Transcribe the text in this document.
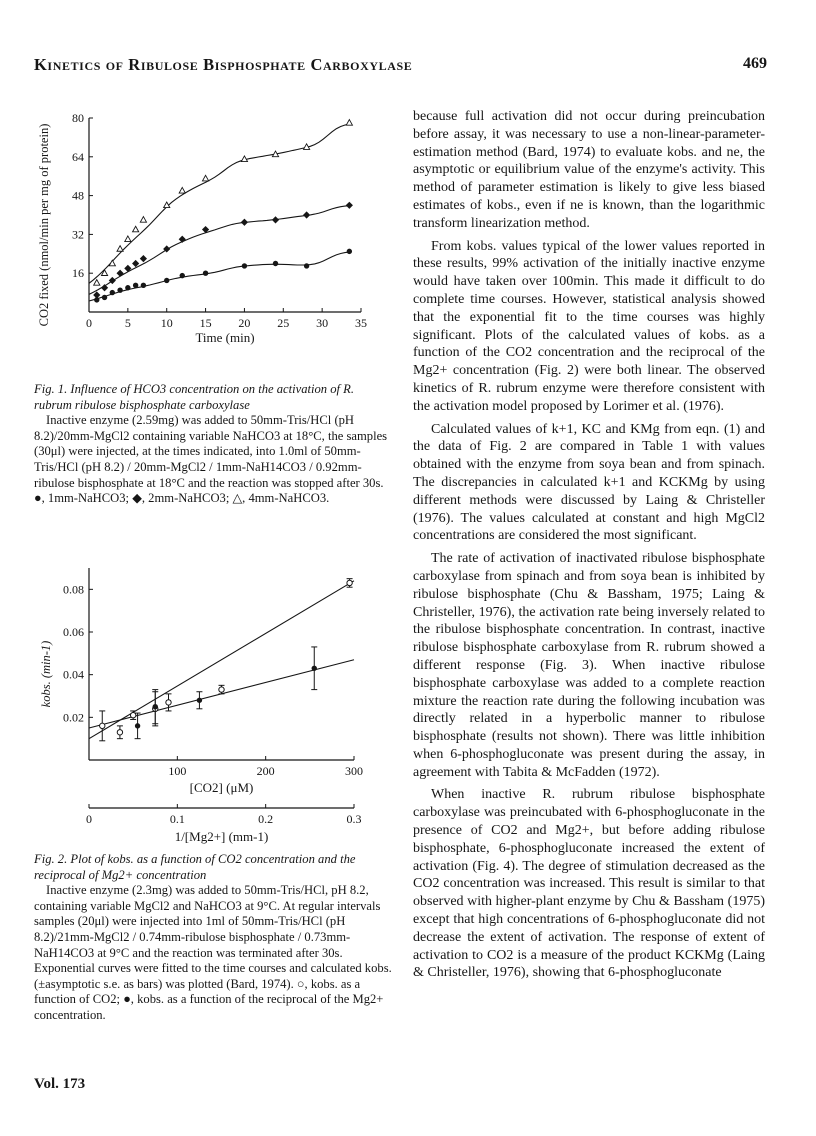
Kinetics of Ribulose Bisphosphate Carboxylase	469
0	5 10 15 20 25 30 35
16
32
48
64
80
Time (min)
CO2 fixed (nmol/min per mg of protein)
Fig. 1. Influence of HCO3 concentration on the activation of R. rubrum ribulose bisphosphate carboxylase
Inactive enzyme (2.59mg) was added to 50mm-Tris/HCl (pH 8.2)/20mm-MgCl2 containing variable NaHCO3 at 18°C, the samples (30μl) were injected, at the times indicated, into 1.0ml of 50mm-Tris/HCl (pH 8.2) / 20mm-MgCl2 / 1mm-NaH14CO3 / 0.92mm-ribulose bisphosphate at 18°C and the reaction was stopped after 30s. ●, 1mm-NaHCO3; ◆, 2mm-NaHCO3; △, 4mm-NaHCO3.
0.02
0.04
0.06
0.08
100	200	300
[CO2] (μM)
0	0.1	0.2	0.3
1/[Mg2+] (mm-1)
kobs. (min-1)
Fig. 2. Plot of kobs. as a function of CO2 concentration and the reciprocal of Mg2+ concentration
Inactive enzyme (2.3mg) was added to 50mm-Tris/HCl, pH 8.2, containing variable MgCl2 and NaHCO3 at 9°C. At regular intervals samples (20μl) were injected into 1ml of 50mm-Tris/HCl (pH 8.2)/21mm-MgCl2 / 0.74mm-ribulose bisphosphate / 0.73mm-NaH14CO3 at 9°C and the reaction was terminated after 30s. Exponential curves were fitted to the time courses and calculated kobs. (±asymptotic s.e. as bars) was plotted (Bard, 1974). ○, kobs. as a function of CO2; ●, kobs. as a function of the reciprocal of the Mg2+ concentration.

because full activation did not occur during preincubation before assay, it was necessary to use a non-linear-parameter-estimation method (Bard, 1974) to evaluate kobs. and ne, the asymptotic or equilibrium value of the enzyme's activity. This method of parameter estimation is likely to give less biased estimates of kobs., even if ne is known, than the logarithmic transform linearization method.

From kobs. values typical of the lower values reported in these results, 99% activation of the initially inactive enzyme would have taken over 100min. This made it difficult to do complete time courses. However, statistical analysis showed that the exponential fit to the time courses was highly significant. Plots of the calculated values of kobs. as a function of the CO2 concentration and the reciprocal of the Mg2+ concentration (Fig. 2) were both linear. The observed kinetics of R. rubrum enzyme were therefore consistent with the activation model proposed by Lorimer et al. (1976).

Calculated values of k+1, KC and KMg from eqn. (1) and the data of Fig. 2 are compared in Table 1 with values obtained with the enzyme from soya bean and from spinach. The discrepancies in calculated k+1 and KCKMg by using different methods were discussed by Laing & Christeller (1976). The values calculated at constant and high MgCl2 concentrations are considered the most significant.

The rate of activation of inactivated ribulose bisphosphate carboxylase from spinach and from soya bean is inhibited by ribulose bisphosphate (Chu & Bassham, 1975; Laing & Christeller, 1976), the activation rate being inversely related to the ribulose bisphosphate concentration. In contrast, inactive ribulose bisphosphate carboxylase from R. rubrum showed a different response (Fig. 3). When inactive ribulose bisphosphate carboxylase was added to a complete reaction mixture the reaction rate during the following incubation was directly related in a hyperbolic manner to ribulose bisphosphate (results not shown). There was little inhibition when 6-phosphogluconate was present during the assay, in agreement with Tabita & McFadden (1972).

When inactive R. rubrum ribulose bisphosphate carboxylase was preincubated with 6-phosphogluconate in the presence of CO2 and Mg2+, but before adding ribulose bisphosphate, 6-phosphogluconate increased the extent of activation (Fig. 4). The degree of stimulation decreased as the CO2 concentration was increased. This result is similar to that observed with higher-plant enzyme by Chu & Bassham (1975) except that high concentrations of 6-phosphogluconate did not decrease the extent of activation. The response of extent of activation to CO2 is a measure of the product KCKMg (Laing & Christeller, 1976), showing that 6-phosphogluconate

Vol. 173
